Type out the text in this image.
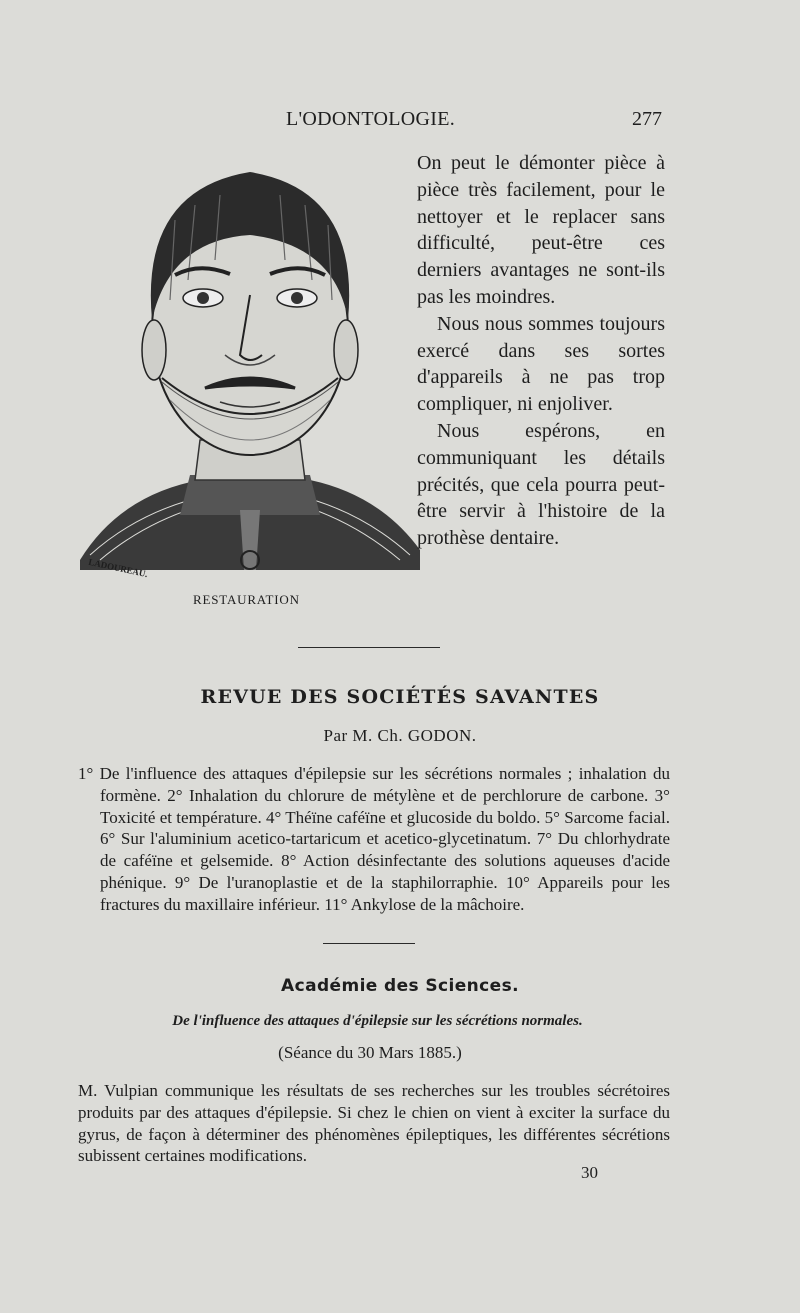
L'ODONTOLOGIE.	277
LADOUREAU.
RESTAURATION

On peut le démonter pièce à pièce très facilement, pour le nettoyer et le replacer sans difficulté, peut-être ces derniers avantages ne sont-ils pas les moindres.

Nous nous sommes toujours exercé dans ses sortes d'appareils à ne pas trop compliquer, ni enjoliver.

Nous espérons, en communiquant les détails précités, que cela pourra peut-être servir à l'histoire de la prothèse dentaire.

REVUE DES SOCIÉTÉS SAVANTES
Par M. Ch. GODON.
1° De l'influence des attaques d'épilepsie sur les sécrétions normales ; inhalation du formène. 2° Inhalation du chlorure de métylène et de perchlorure de carbone. 3° Toxicité et température. 4° Théïne caféïne et glucoside du boldo. 5° Sarcome facial. 6° Sur l'aluminium acetico-tartaricum et acetico-glycetinatum. 7° Du chlorhydrate de caféïne et gelsemide. 8° Action désinfectante des solutions aqueuses d'acide phénique. 9° De l'uranoplastie et de la staphilorraphie. 10° Appareils pour les fractures du maxillaire inférieur. 11° Ankylose de la mâchoire.
Académie des Sciences.
De l'influence des attaques d'épilepsie sur les sécrétions normales.
(Séance du 30 Mars 1885.)
M. Vulpian communique les résultats de ses recherches sur les troubles sécrétoires produits par des attaques d'épilepsie. Si chez le chien on vient à exciter la surface du gyrus, de façon à déterminer des phénomènes épileptiques, les différentes sécrétions subissent certaines modifications.
30
